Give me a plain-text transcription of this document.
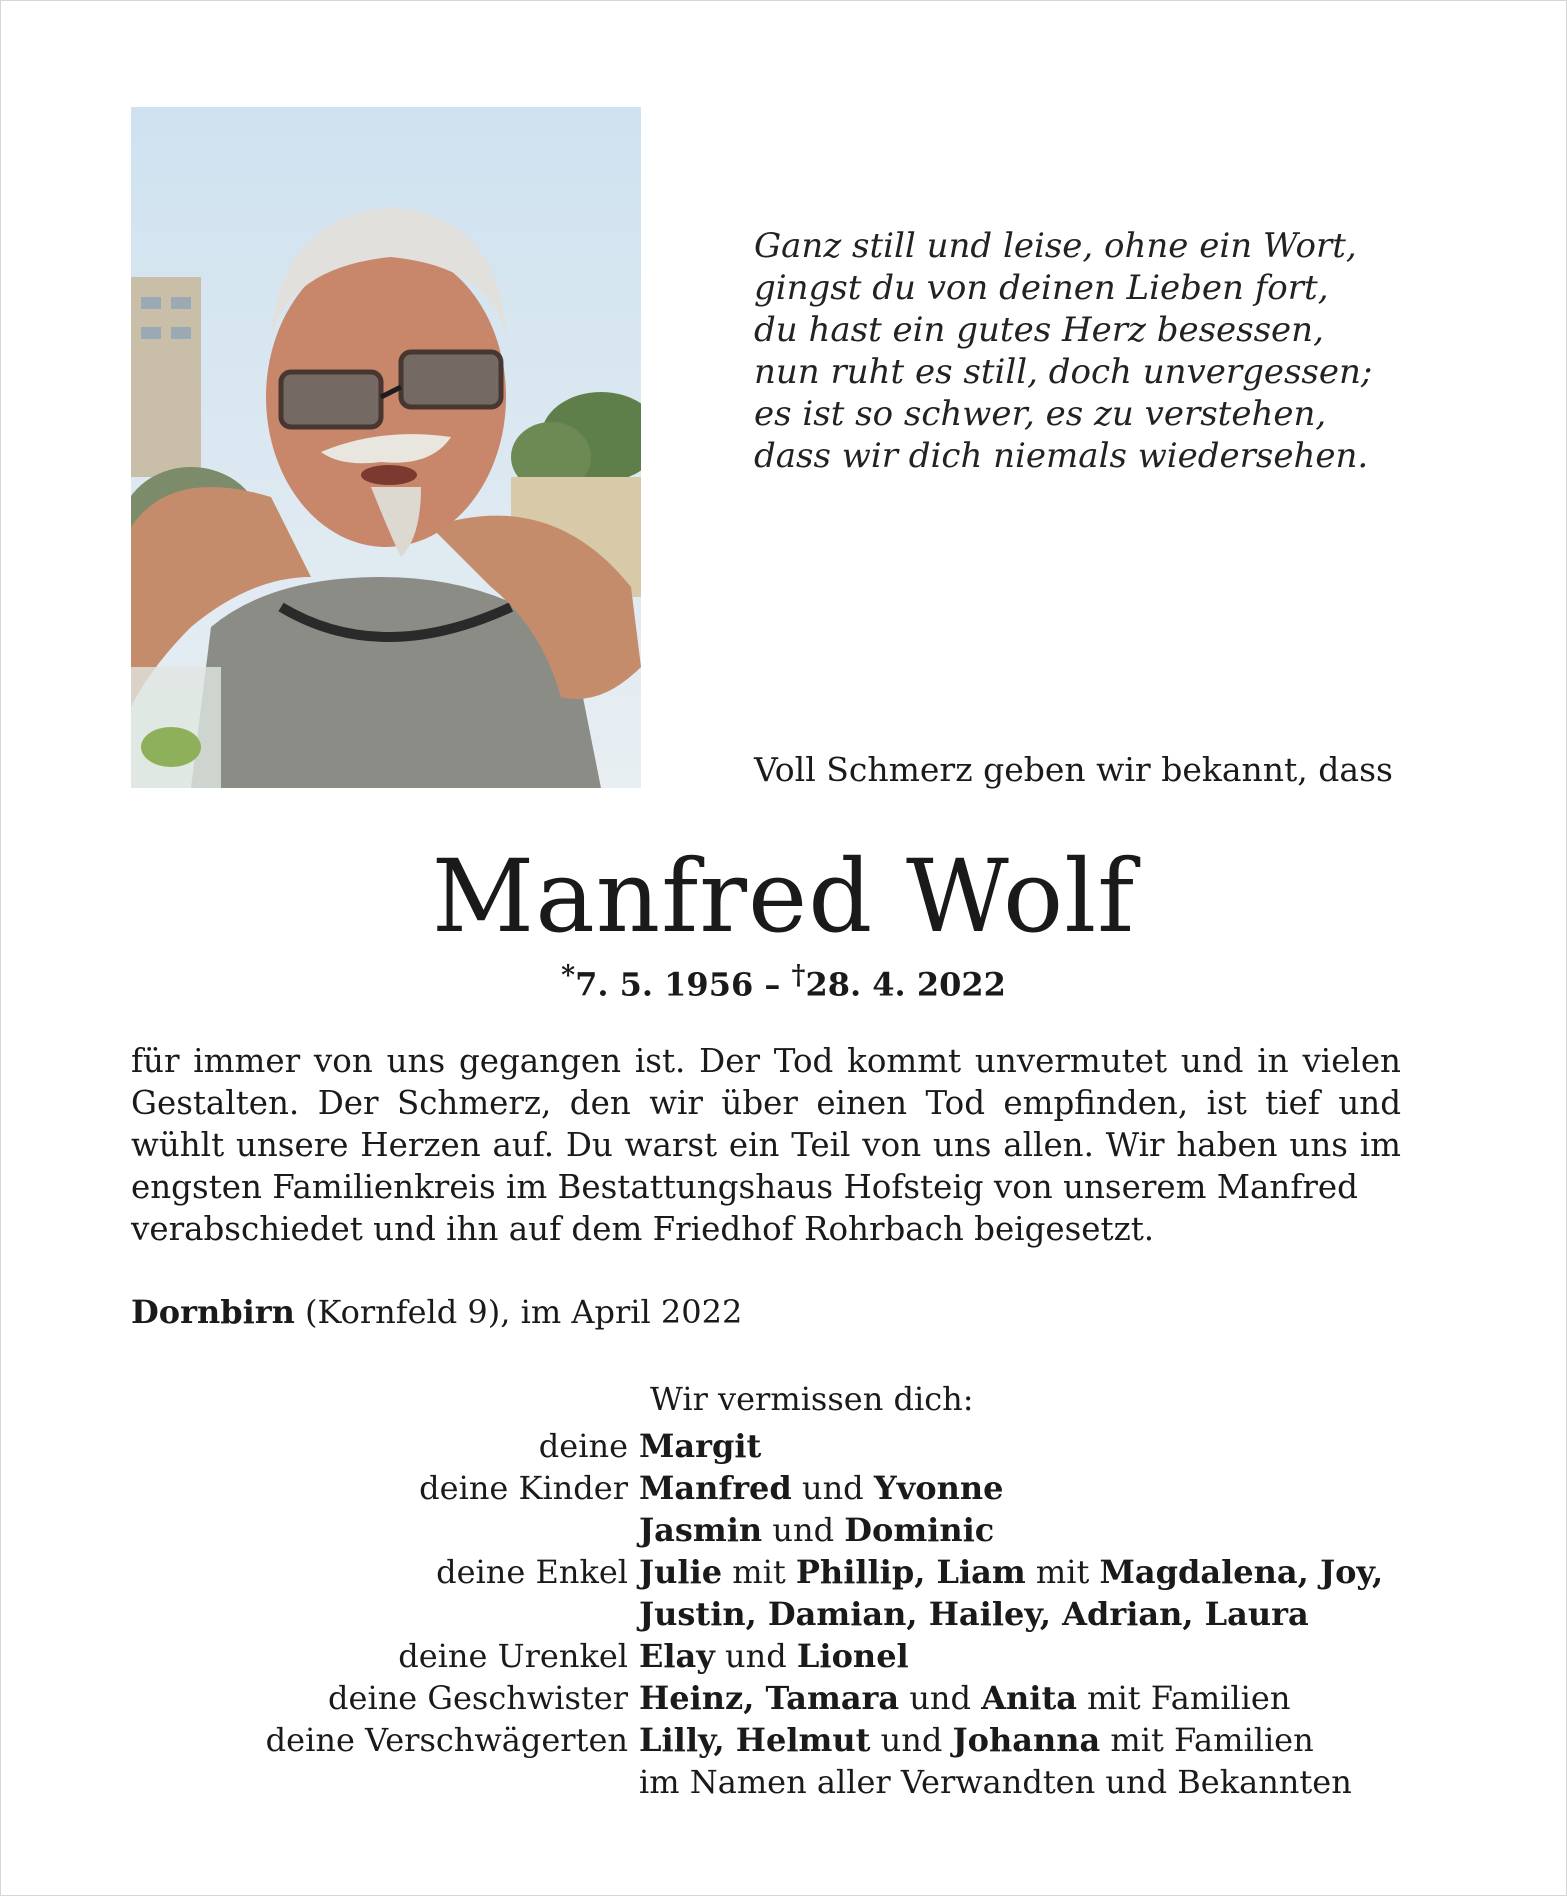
Ganz still und leise, ohne ein Wort,
gingst du von deinen Lieben fort,
du hast ein gutes Herz besessen,
nun ruht es still, doch unvergessen;
es ist so schwer, es zu verstehen,
dass wir dich niemals wiedersehen.
Voll Schmerz geben wir bekannt, dass
Manfred Wolf
*7. 5. 1956 – †28. 4. 2022
für immer von uns gegangen ist. Der Tod kommt unvermutet und in vielen Gestalten. Der Schmerz, den wir über einen Tod empfinden, ist tief und wühlt unsere Herzen auf. Du warst ein Teil von uns allen. Wir haben uns im engsten Familienkreis im Bestattungshaus Hofsteig von unserem Manfred
verabschiedet und ihn auf dem Friedhof Rohrbach beigesetzt.
Dornbirn (Kornfeld 9), im April 2022
Wir vermissen dich:
deine Margit
deine Kinder Manfred und Yvonne
Jasmin und Dominic
deine Enkel Julie mit Phillip, Liam mit Magdalena, Joy,
Justin, Damian, Hailey, Adrian, Laura
deine Urenkel Elay und Lionel
deine Geschwister Heinz, Tamara und Anita mit Familien
deine Verschwägerten Lilly, Helmut und Johanna mit Familien
im Namen aller Verwandten und Bekannten
